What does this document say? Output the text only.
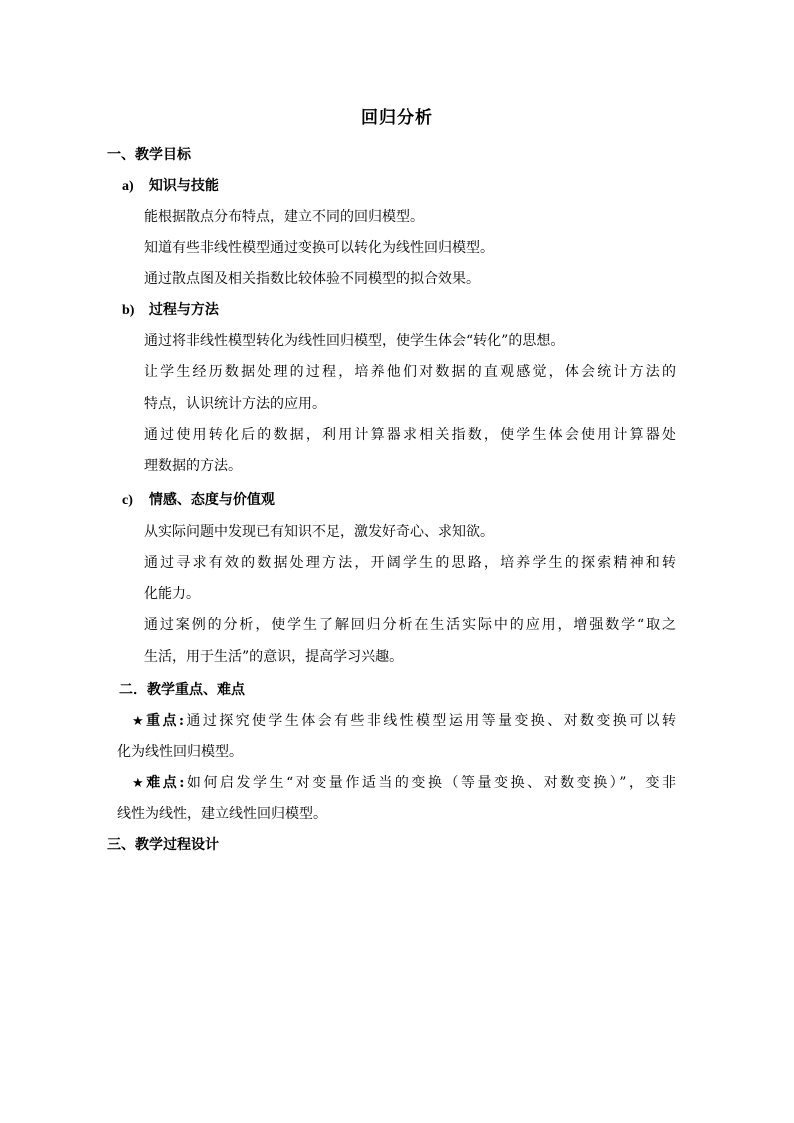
回归分析
一、教学目标
a) 知识与技能
能根据散点分布特点，建立不同的回归模型。
知道有些非线性模型通过变换可以转化为线性回归模型。
通过散点图及相关指数比较体验不同模型的拟合效果。
b) 过程与方法
通过将非线性模型转化为线性回归模型，使学生体会“转化”的思想。
让学生经历数据处理的过程，培养他们对数据的直观感觉，体会统计方法的
特点，认识统计方法的应用。
通过使用转化后的数据，利用计算器求相关指数，使学生体会使用计算器处
理数据的方法。
c) 情感、态度与价值观
从实际问题中发现已有知识不足，激发好奇心、求知欲。
通过寻求有效的数据处理方法，开阔学生的思路，培养学生的探索精神和转
化能力。
通过案例的分析，使学生了解回归分析在生活实际中的应用，增强数学“取之
生活，用于生活”的意识，提高学习兴趣。
二．教学重点、难点
★重点:通过探究使学生体会有些非线性模型运用等量变换、对数变换可以转
化为线性回归模型。
★难点:如何启发学生“对变量作适当的变换（等量变换、对数变换）”，变非
线性为线性，建立线性回归模型。
三、教学过程设计
